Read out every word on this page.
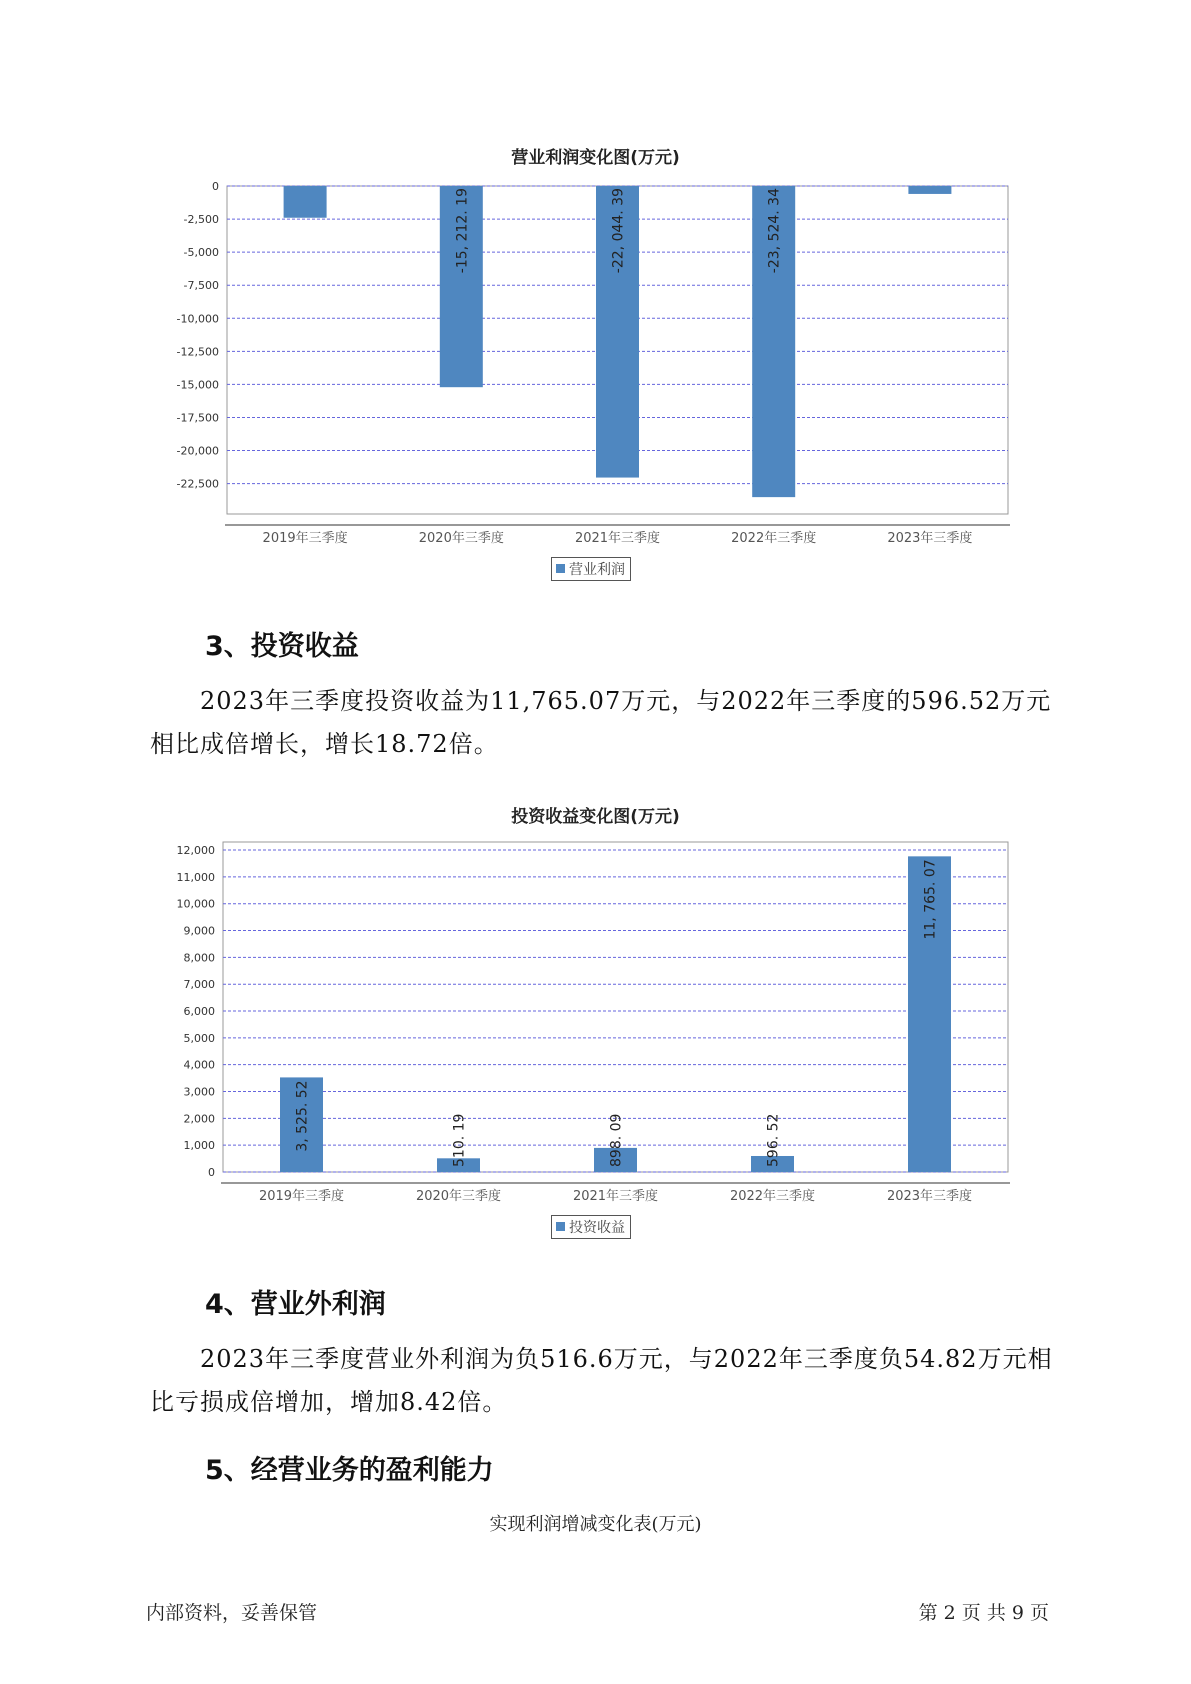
营业利润变化图(万元)
0
-2,500
-5,000
-7,500
-10,000
-12,500
-15,000
-17,500
-20,000
-22,500
2019年三季度	2020年三季度
-15, 212. 19
2021年三季度
-22, 044. 39
2022年三季度
-23, 524. 34
2023年三季度
营业利润
3、投资收益
2023年三季度投资收益为11,765.07万元，与2022年三季度的596.52万元相比成倍增长，增长18.72倍。
投资收益变化图(万元)
0
1,000
2,000
3,000
4,000
5,000
6,000
7,000
8,000
9,000
10,000
11,000
12,000
2019年三季度
3, 525. 52
2020年三季度
510. 19
2021年三季度
898. 09
2022年三季度
596. 52
2023年三季度
11, 765. 07
投资收益
4、营业外利润
2023年三季度营业外利润为负516.6万元，与2022年三季度负54.82万元相比亏损成倍增加，增加8.42倍。
5、经营业务的盈利能力
实现利润增减变化表(万元)
内部资料，妥善保管	第 2 页 共 9 页
